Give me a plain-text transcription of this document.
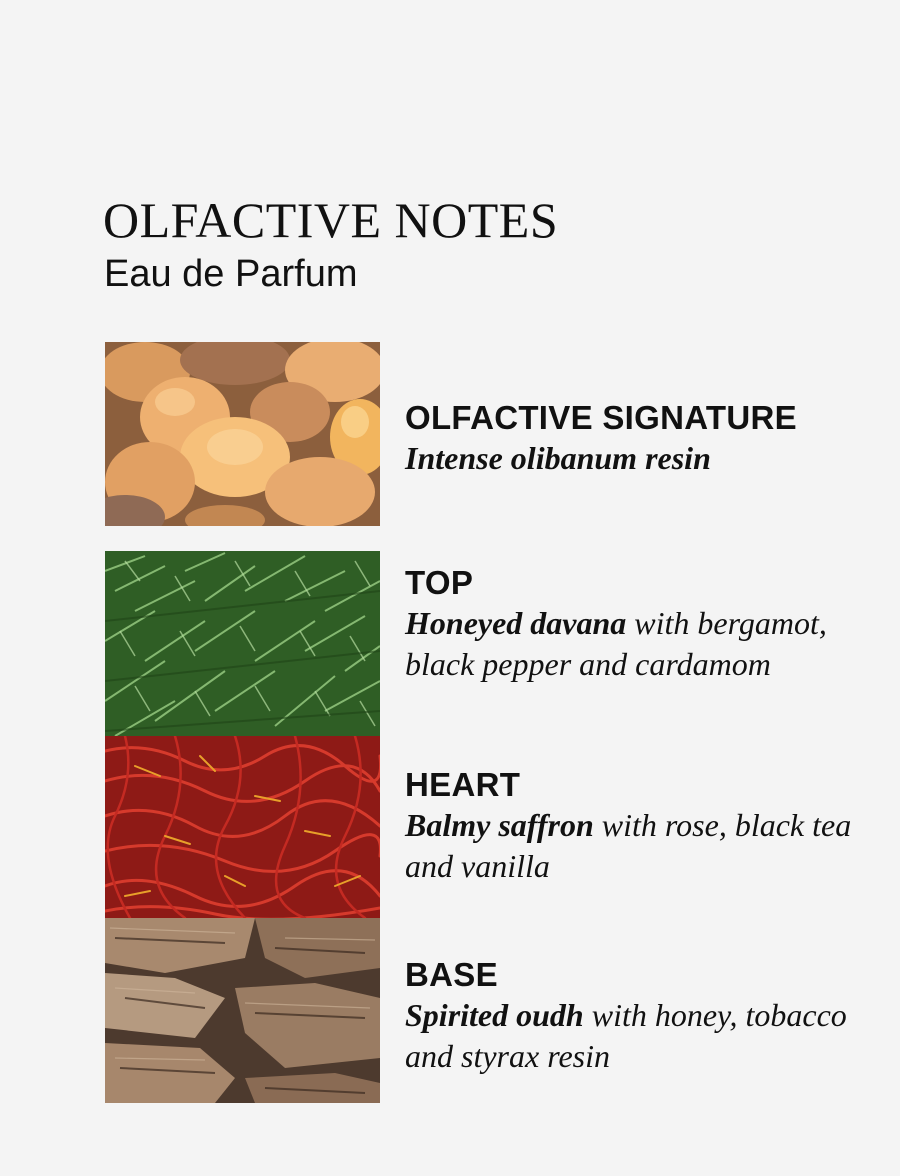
OLFACTIVE NOTES
Eau de Parfum
OLFACTIVE SIGNATURE
Intense olibanum resin
TOP
Honeyed davana with bergamot, black pepper and cardamom
HEART
Balmy saffron with rose, black tea and vanilla
BASE
Spirited oudh with honey, tobacco and styrax resin
